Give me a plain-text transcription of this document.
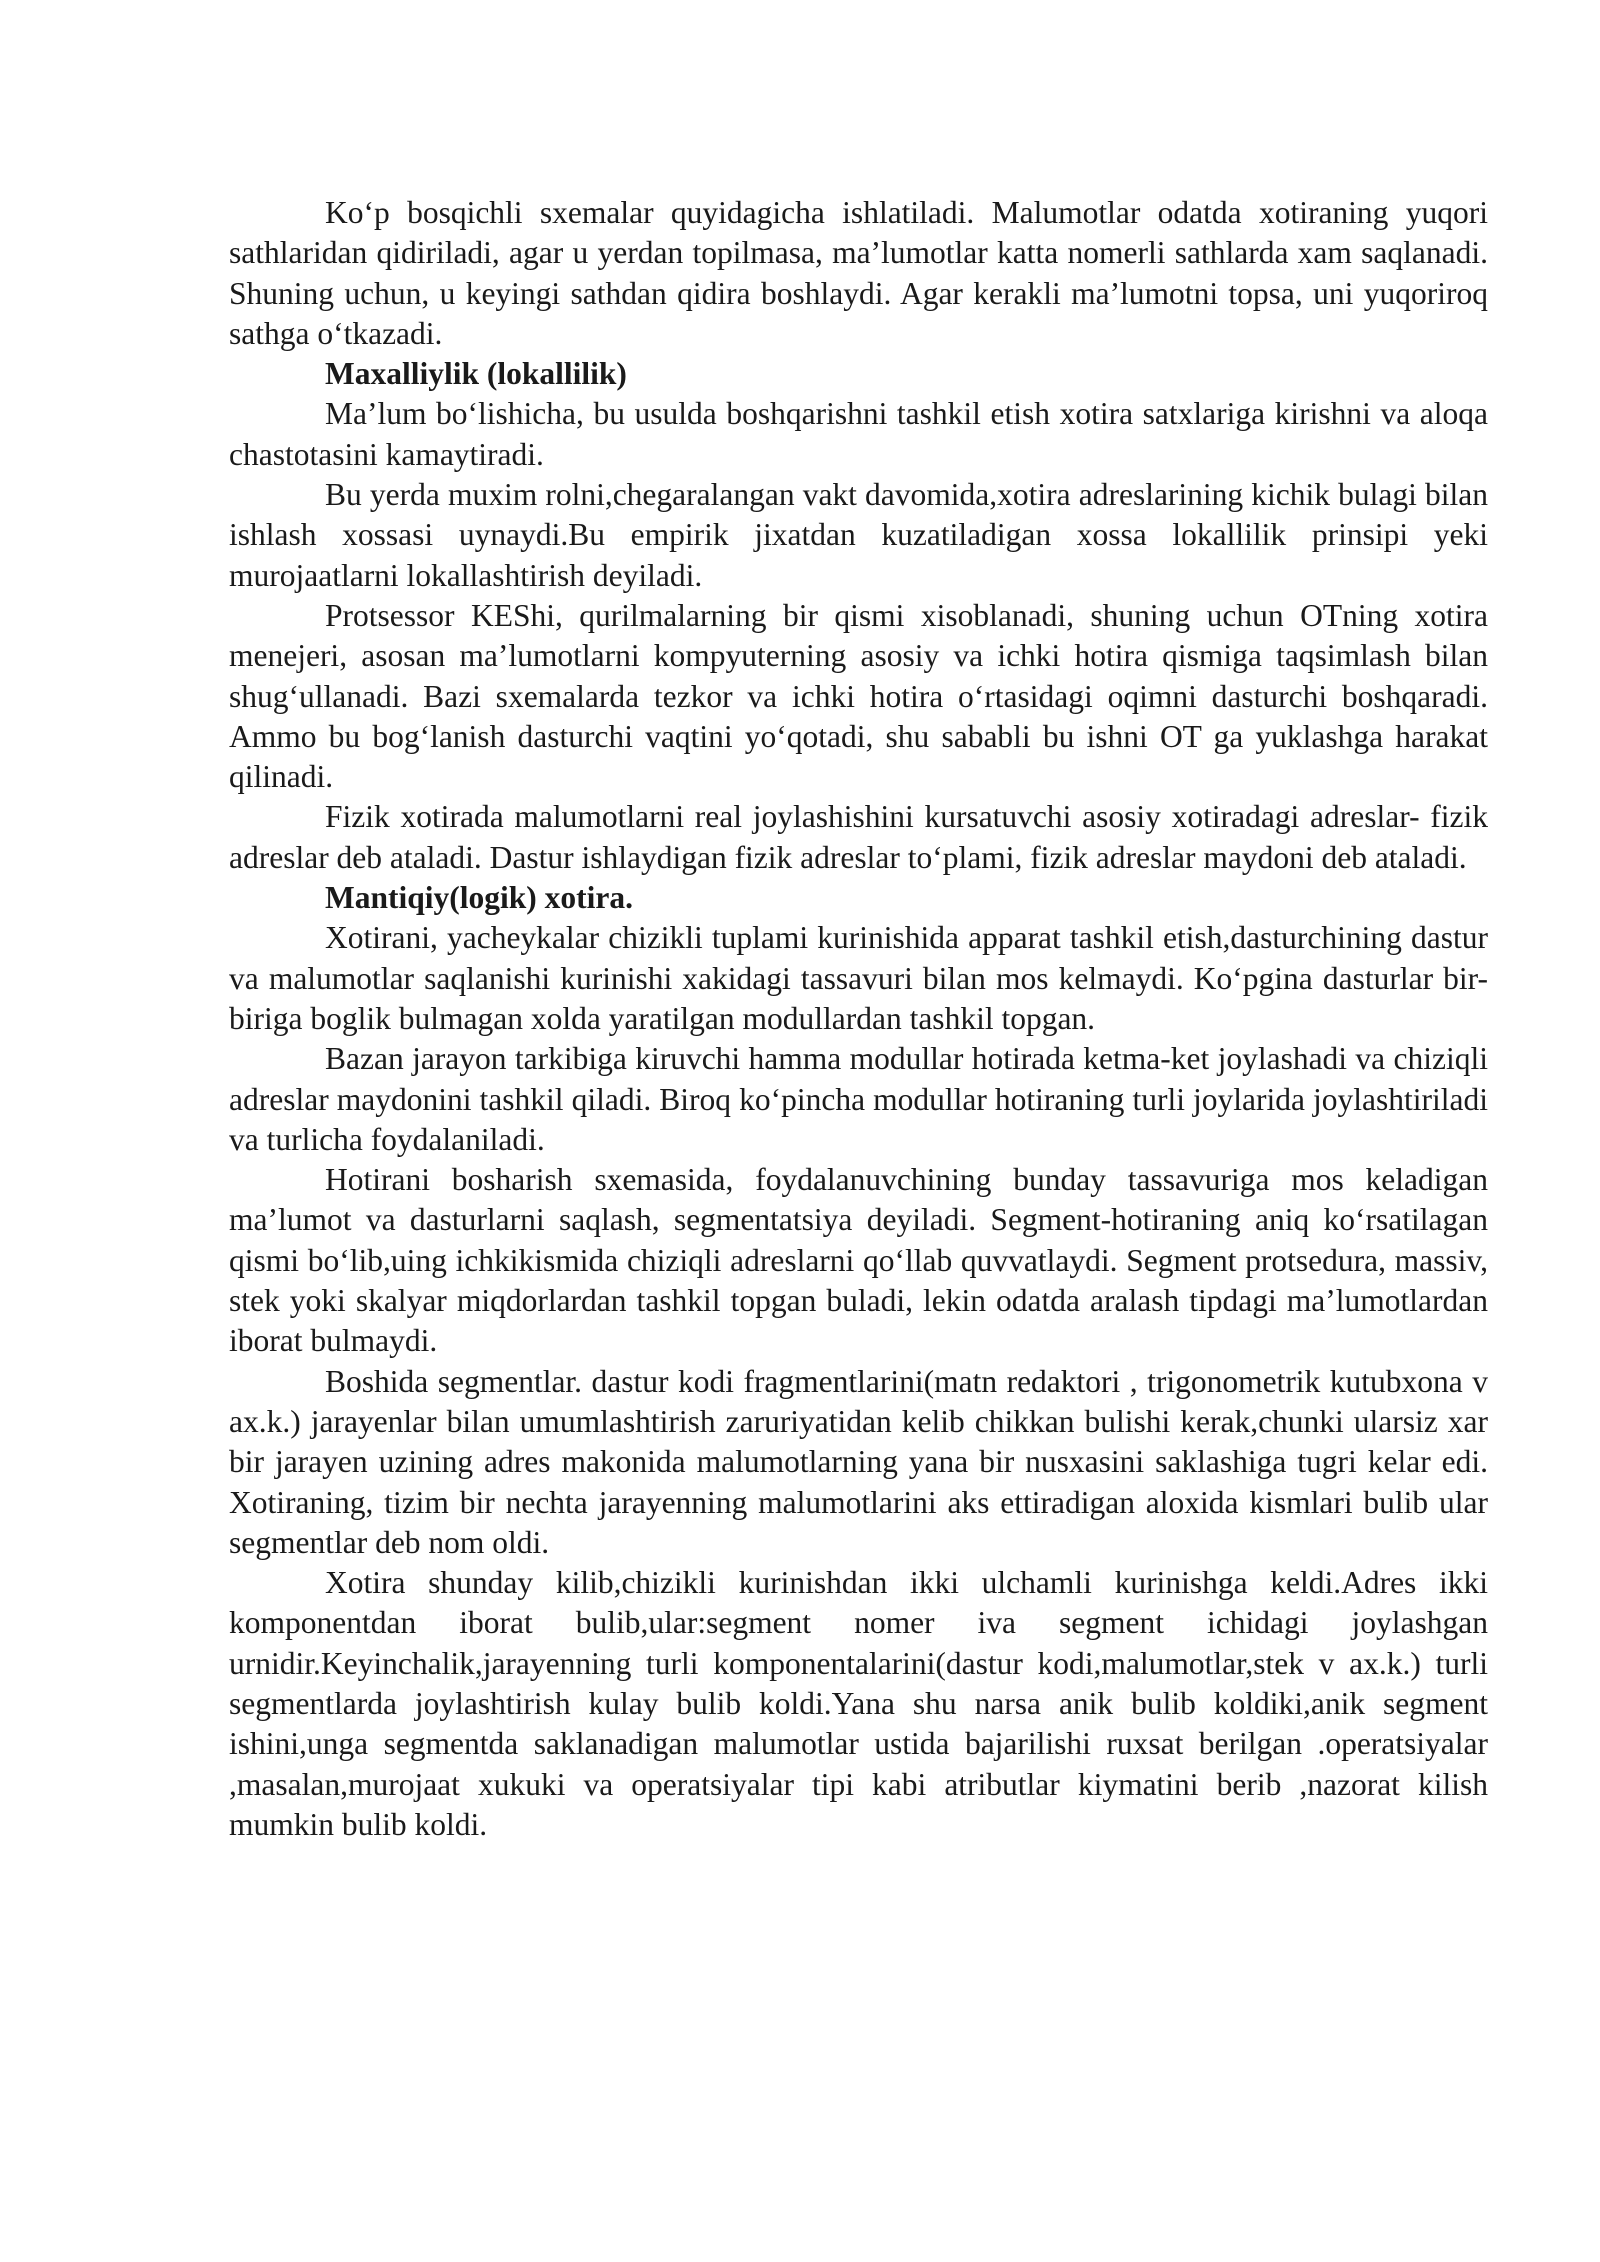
Ko‘p bosqichli sxemalar quyidagicha ishlatiladi. Malumotlar odatda xotiraning yuqori sathlaridan qidiriladi, agar u yerdan topilmasa, ma’lumotlar katta nomerli sathlarda xam saqlanadi. Shuning uchun, u keyingi sathdan qidira boshlaydi. Agar kerakli ma’lumotni topsa, uni yuqoriroq sathga o‘tkazadi.

Maxalliylik (lokallilik)

Ma’lum bo‘lishicha, bu usulda boshqarishni tashkil etish xotira satxlariga kirishni va aloqa chastotasini kamaytiradi.

Bu yerda muxim rolni,chegaralangan vakt davomida,xotira adreslarining kichik bulagi bilan ishlash xossasi uynaydi.Bu empirik jixatdan kuzatiladigan xossa lokallilik prinsipi yeki murojaatlarni lokallashtirish deyiladi.

Protsessor KEShi, qurilmalarning bir qismi xisoblanadi, shuning uchun OTning xotira menejeri, asosan ma’lumotlarni kompyuterning asosiy va ichki hotira qismiga taqsimlash bilan shug‘ullanadi. Bazi sxemalarda tezkor va ichki hotira o‘rtasidagi oqimni dasturchi boshqaradi. Ammo bu bog‘lanish dasturchi vaqtini yo‘qotadi, shu sababli bu ishni OT ga yuklashga harakat qilinadi.

Fizik xotirada malumotlarni real joylashishini kursatuvchi asosiy xotiradagi adreslar- fizik adreslar deb ataladi. Dastur ishlaydigan fizik adreslar to‘plami, fizik adreslar maydoni deb ataladi.

Mantiqiy(logik) xotira.

Xotirani, yacheykalar chizikli tuplami kurinishida apparat tashkil etish,dasturchining dastur va malumotlar saqlanishi kurinishi xakidagi tassavuri bilan mos kelmaydi. Ko‘pgina dasturlar bir-biriga boglik bulmagan xolda yaratilgan modullardan tashkil topgan.

Bazan jarayon tarkibiga kiruvchi hamma modullar hotirada ketma-ket joylashadi va chiziqli adreslar maydonini tashkil qiladi. Biroq ko‘pincha modullar hotiraning turli joylarida joylashtiriladi va turlicha foydalaniladi.

Hotirani bosharish sxemasida, foydalanuvchining bunday tassavuriga mos keladigan ma’lumot va dasturlarni saqlash, segmentatsiya deyiladi. Segment-hotiraning aniq ko‘rsatilagan qismi bo‘lib,uing ichkikismida chiziqli adreslarni qo‘llab quvvatlaydi. Segment protsedura, massiv, stek yoki skalyar miqdorlardan tashkil topgan buladi, lekin odatda aralash tipdagi ma’lumotlardan iborat bulmaydi.

Boshida segmentlar. dastur kodi fragmentlarini(matn redaktori , trigonometrik kutubxona v ax.k.) jarayenlar bilan umumlashtirish zaruriyatidan kelib chikkan bulishi kerak,chunki ularsiz xar bir jarayen uzining adres makonida malumotlarning yana bir nusxasini saklashiga tugri kelar edi. Xotiraning, tizim bir nechta jarayenning malumotlarini aks ettiradigan aloxida kismlari bulib ular segmentlar deb nom oldi.

Xotira shunday kilib,chizikli kurinishdan ikki ulchamli kurinishga keldi.Adres ikki komponentdan iborat bulib,ular:segment nomer iva segment ichidagi joylashgan urnidir.Keyinchalik,jarayenning turli komponentalarini(dastur kodi,malumotlar,stek v ax.k.) turli segmentlarda joylashtirish kulay bulib koldi.Yana shu narsa anik bulib koldiki,anik segment ishini,unga segmentda saklanadigan malumotlar ustida bajarilishi ruxsat berilgan .operatsiyalar ,masalan,murojaat xukuki va operatsiyalar tipi kabi atributlar kiymatini berib ,nazorat kilish mumkin bulib koldi.
